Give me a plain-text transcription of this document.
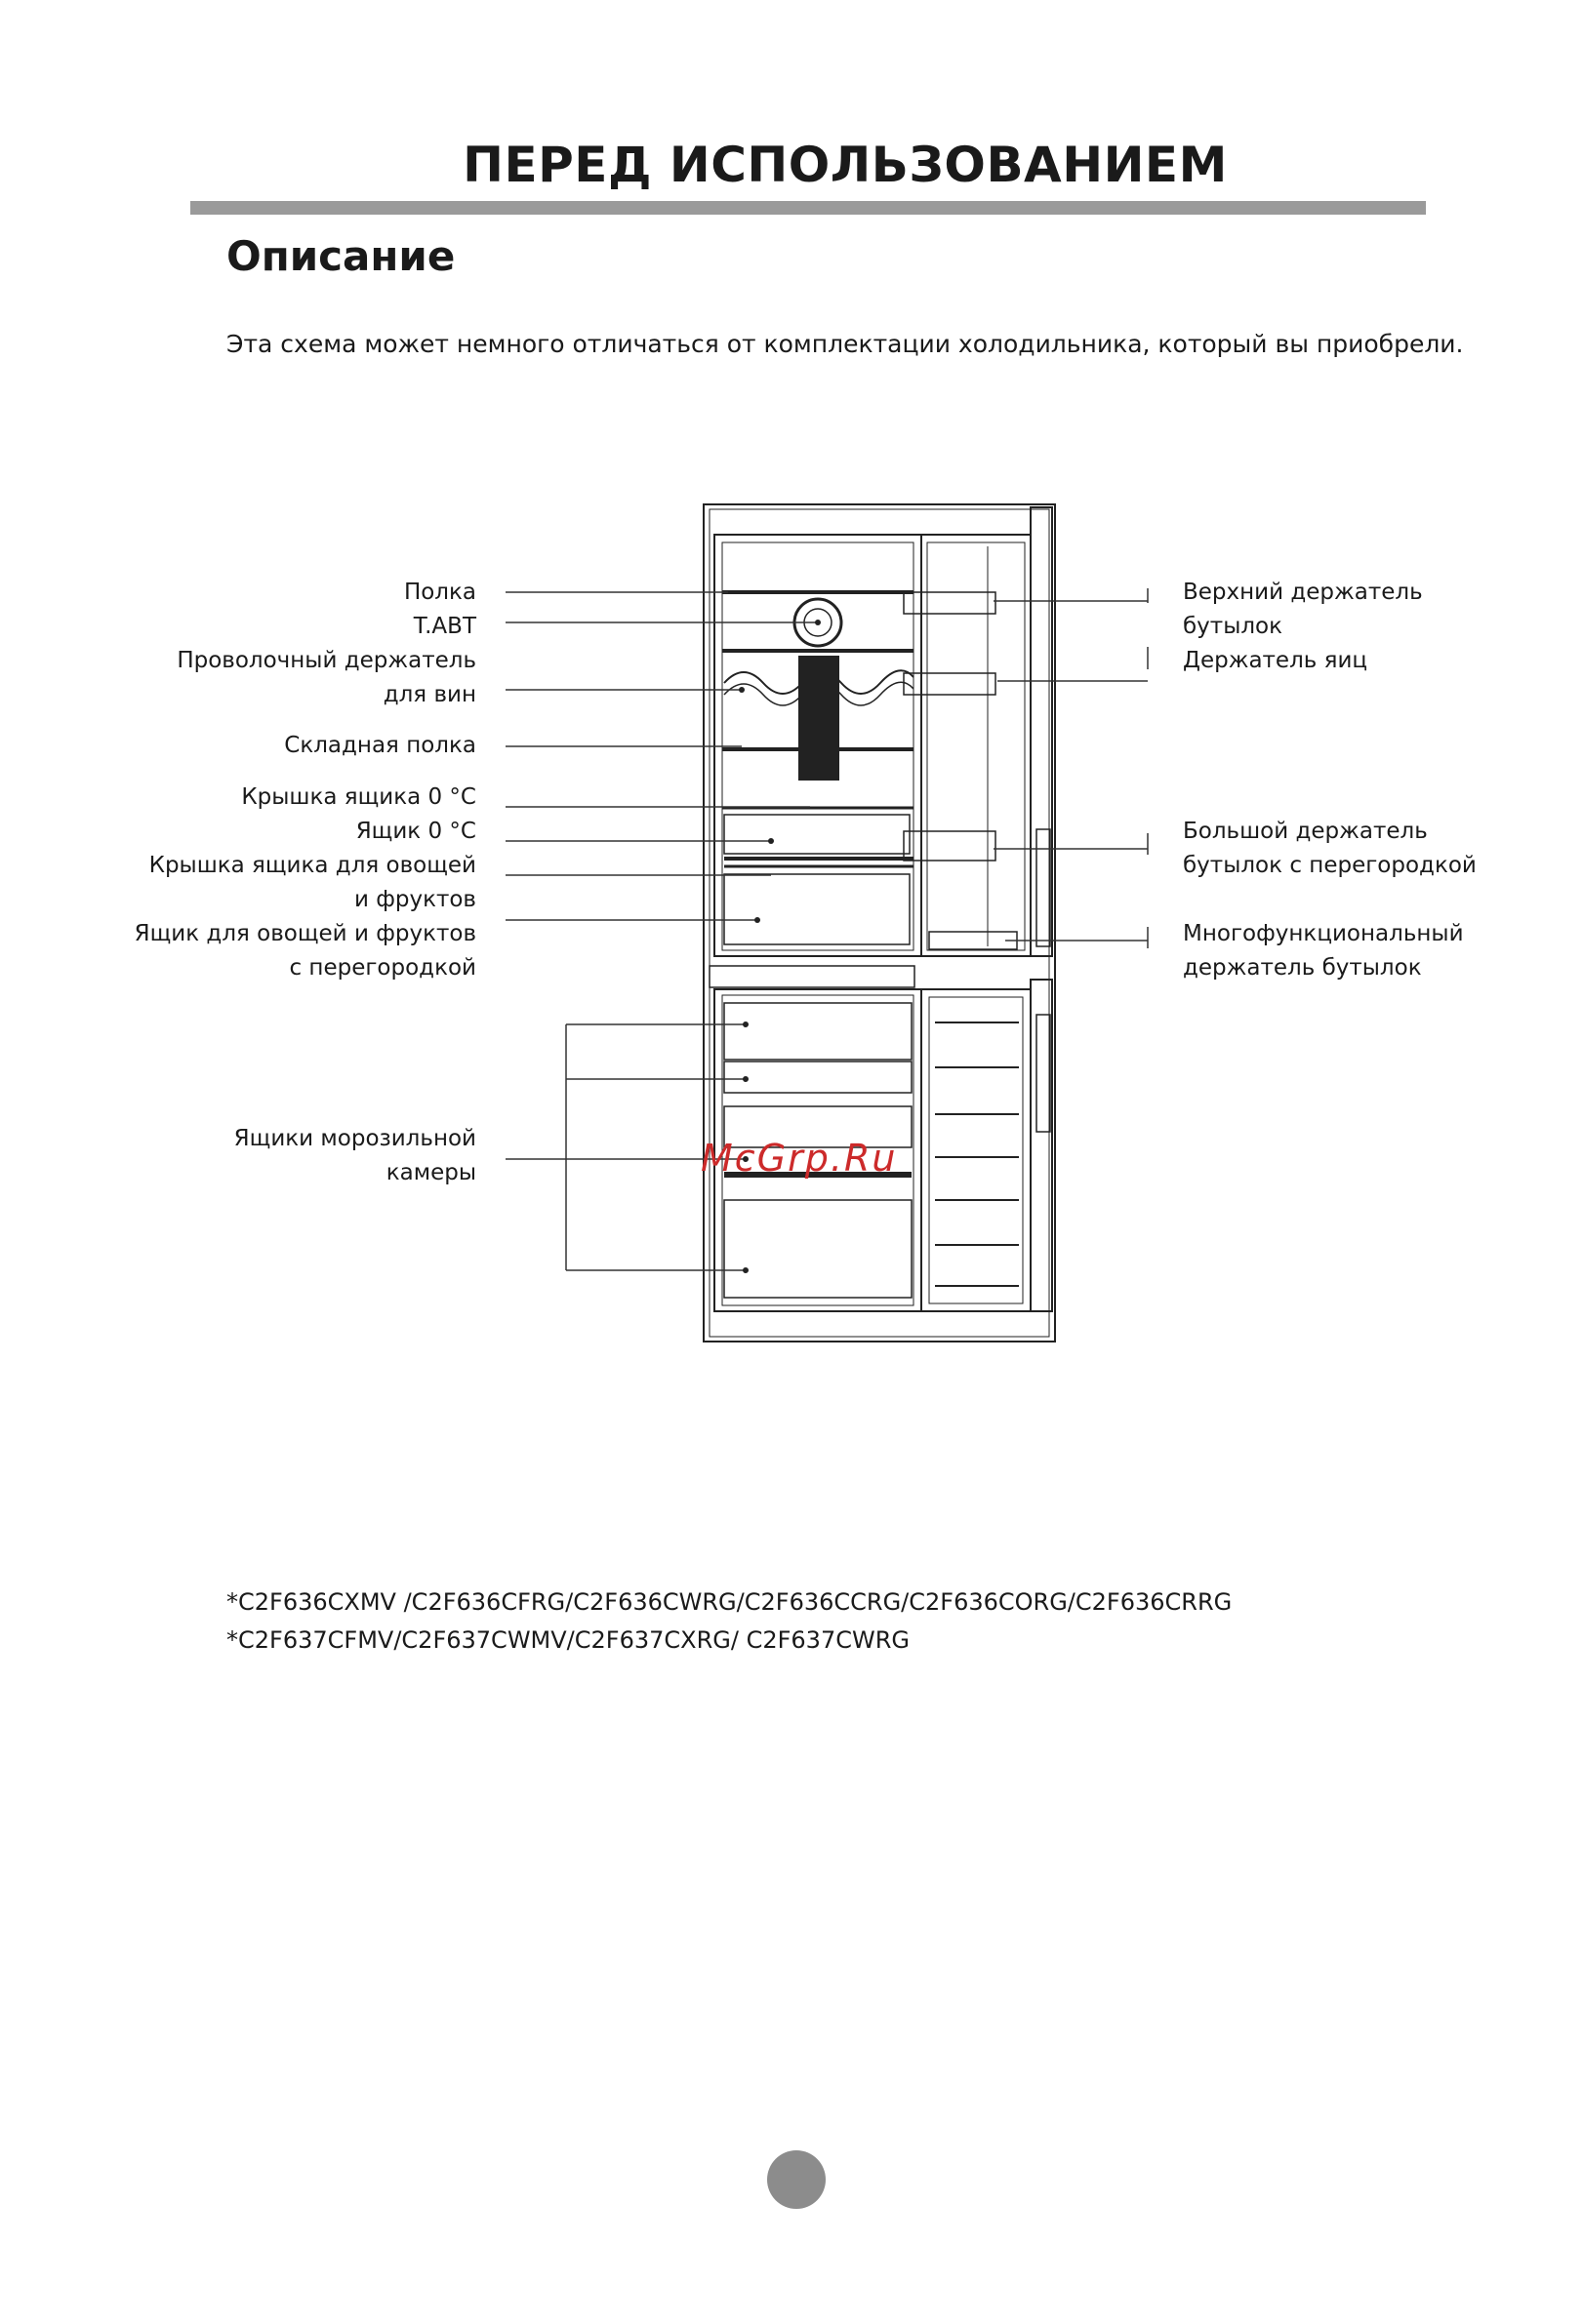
ПЕРЕД ИСПОЛЬЗОВАНИЕМ
Описание
Эта схема может немного отличаться от комплектации холодильника, который вы приобрели.
Полка
T.ABT
Проволочный держатель
для вин
Складная полка
Крышка ящика 0 °C
Ящик 0 °C
Крышка ящика для овощей
и фруктов
Ящик для овощей и фруктов
с перегородкой
Ящики морозильной
камеры
Верхний держатель
бутылок
Держатель яиц
Большой держатель
бутылок с перегородкой
Многофункциональный
держатель бутылок
McGrp.Ru
*C2F636CXMV /C2F636CFRG/C2F636CWRG/C2F636CCRG/C2F636CORG/C2F636CRRG
*C2F637CFMV/C2F637CWMV/C2F637CXRG/ C2F637CWRG
